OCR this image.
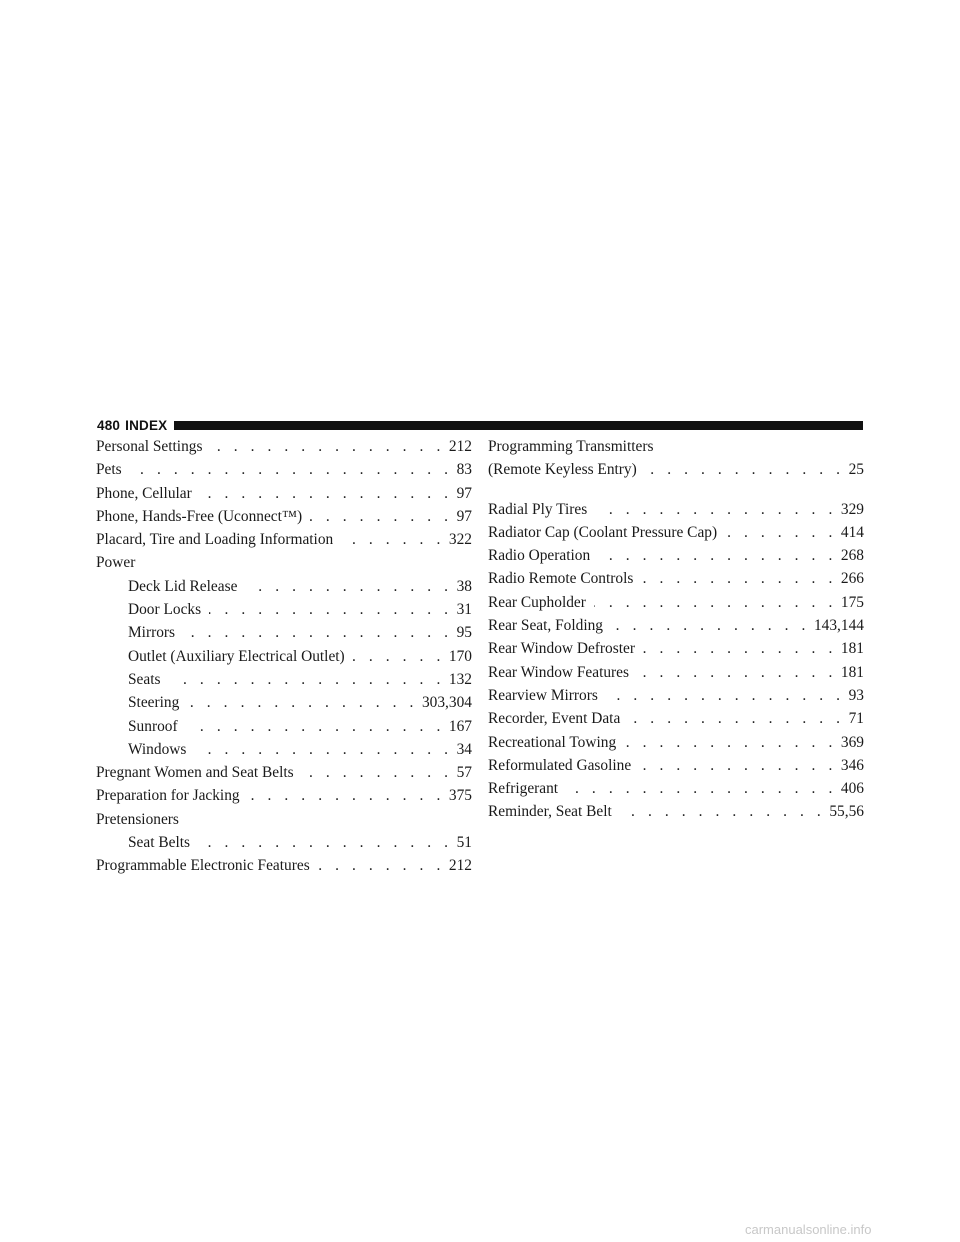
480 INDEX
Personal Settings . . .	212
Pets . . .	83
Phone, Cellular . . .	97
Phone, Hands-Free (Uconnect™) . . .	97
Placard, Tire and Loading Information . . .	322
Power
Deck Lid Release . . .	38
Door Locks . . .	31
Mirrors . . .	95
Outlet (Auxiliary Electrical Outlet) . . .	170
Seats . . .	132
Steering . . .	303,304
Sunroof . . .	167
Windows . . .	34
Pregnant Women and Seat Belts . . .	57
Preparation for Jacking . . .	375
Pretensioners
Seat Belts . . .	51
Programmable Electronic Features . . .	212
Programming Transmitters
(Remote Keyless Entry) . . .	25
Radial Ply Tires . . .	329
Radiator Cap (Coolant Pressure Cap) . . .	414
Radio Operation . . .	268
Radio Remote Controls . . .	266
Rear Cupholder . . .	175
Rear Seat, Folding . . .	143,144
Rear Window Defroster . . .	181
Rear Window Features . . .	181
Rearview Mirrors . . .	93
Recorder, Event Data . . .	71
Recreational Towing . . .	369
Reformulated Gasoline . . .	346
Refrigerant . . .	406
Reminder, Seat Belt . . .	55,56
carmanualsonline.info
